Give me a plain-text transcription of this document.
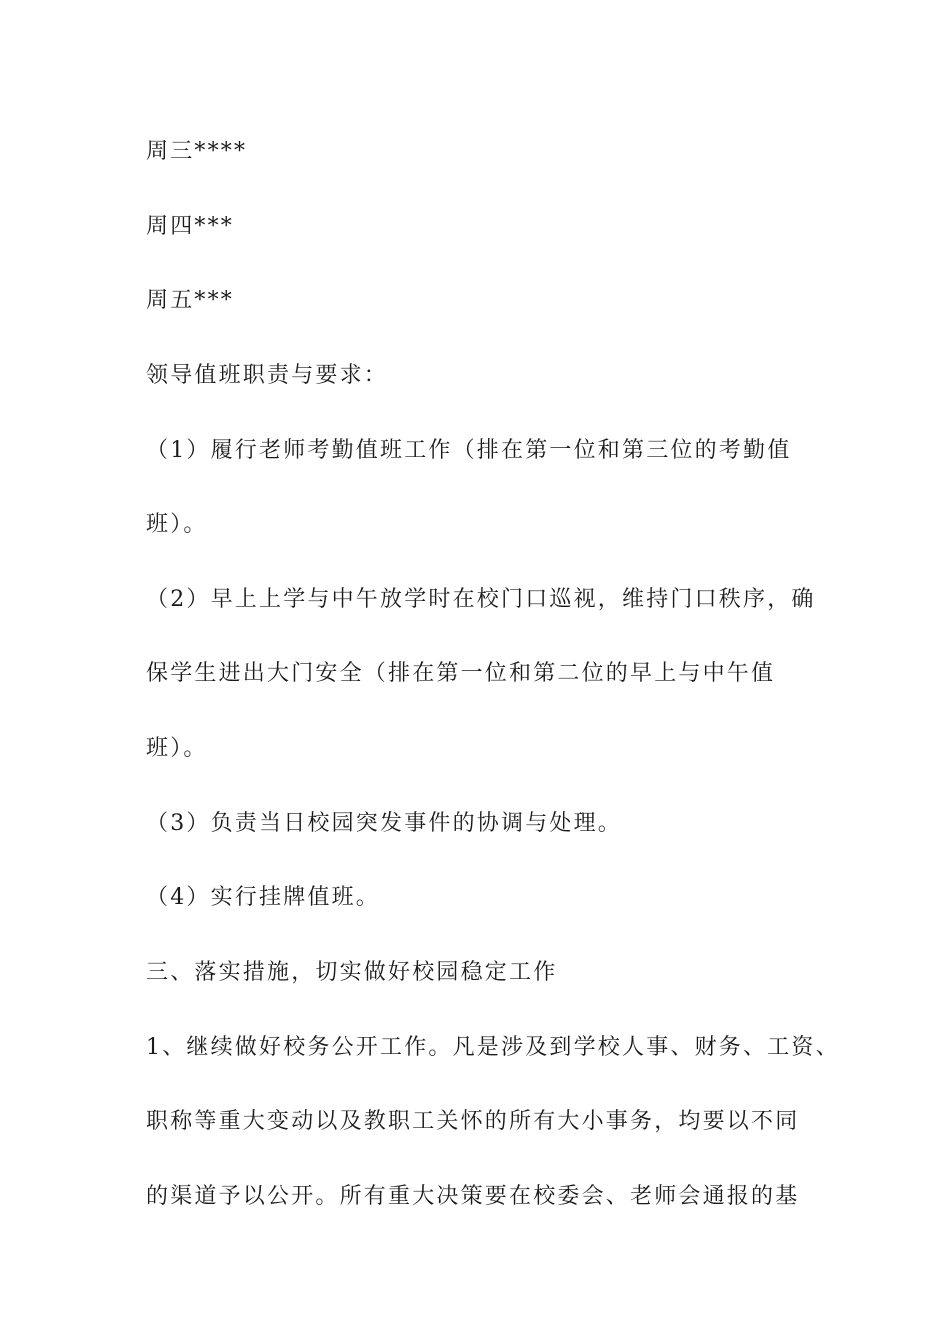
周三****
周四***
周五***
领导值班职责与要求：
（1）履行老师考勤值班工作（排在第一位和第三位的考勤值
班）。
（2）早上上学与中午放学时在校门口巡视，维持门口秩序，确
保学生进出大门安全（排在第一位和第二位的早上与中午值
班）。
（3）负责当日校园突发事件的协调与处理。
（4）实行挂牌值班。
三、落实措施，切实做好校园稳定工作
1、继续做好校务公开工作。凡是涉及到学校人事、财务、工资、
职称等重大变动以及教职工关怀的所有大小事务，均要以不同
的渠道予以公开。所有重大决策要在校委会、老师会通报的基
